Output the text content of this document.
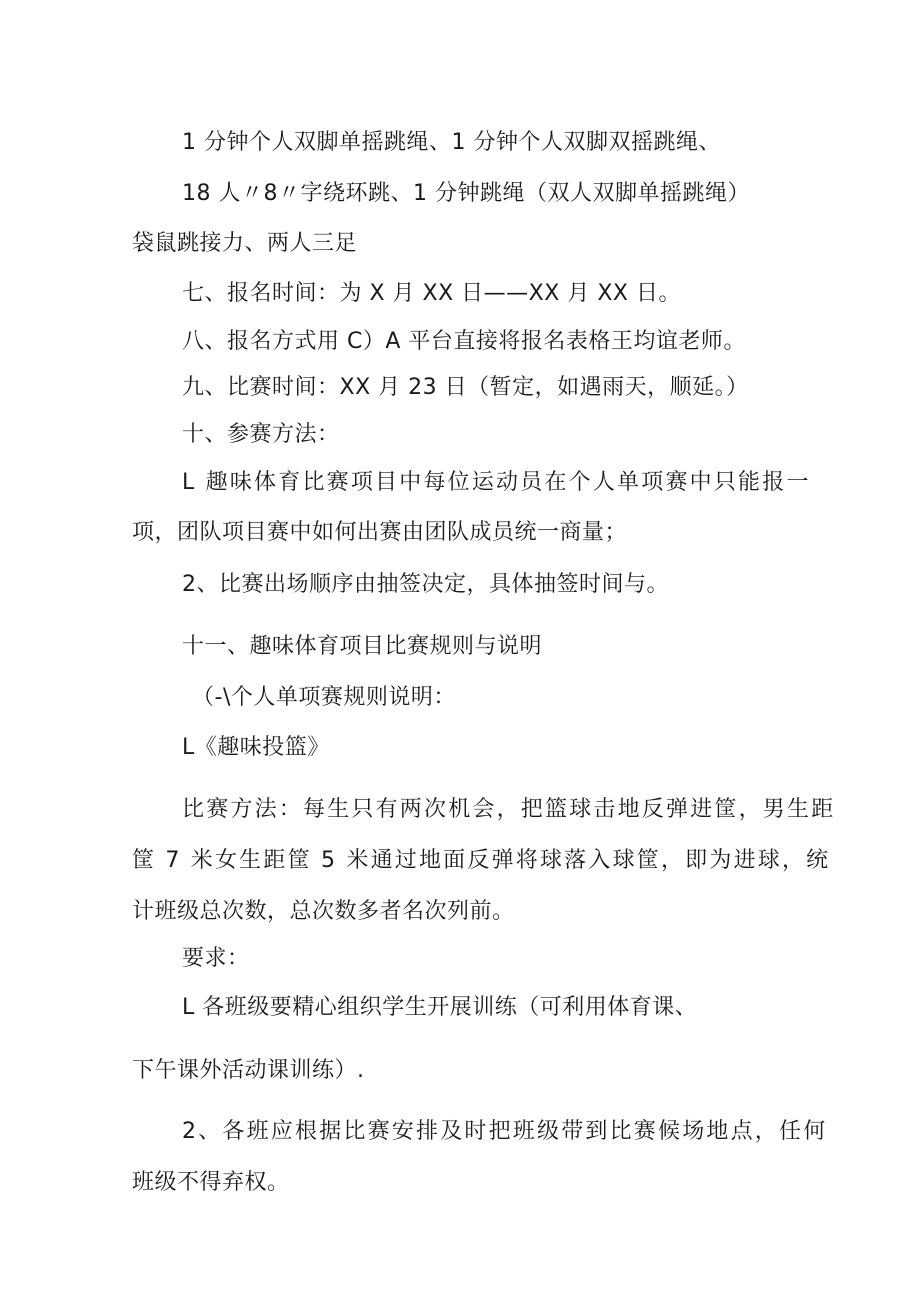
1 分钟个人双脚单摇跳绳、1 分钟个人双脚双摇跳绳、
18 人〃8〃字绕环跳、1 分钟跳绳（双人双脚单摇跳绳）
袋鼠跳接力、两人三足
七、报名时间：为 X 月 XX 日——XX 月 XX 日。
八、报名方式用 C）A 平台直接将报名表格王均谊老师。
九、比赛时间：XX 月 23 日（暂定，如遇雨天，顺延。）
十、参赛方法：
L 趣味体育比赛项目中每位运动员在个人单项赛中只能报一
项，团队项目赛中如何出赛由团队成员统一商量；
2、比赛出场顺序由抽签决定，具体抽签时间与。
十一、趣味体育项目比赛规则与说明
（-\个人单项赛规则说明：
L《趣味投篮》
比赛方法：每生只有两次机会，把篮球击地反弹进筐，男生距
筐 7 米女生距筐 5 米通过地面反弹将球落入球筐，即为进球，统
计班级总次数，总次数多者名次列前。
要求：
L 各班级要精心组织学生开展训练（可利用体育课、
下午课外活动课训练）.
2、各班应根据比赛安排及时把班级带到比赛候场地点，任何
班级不得弃权。
